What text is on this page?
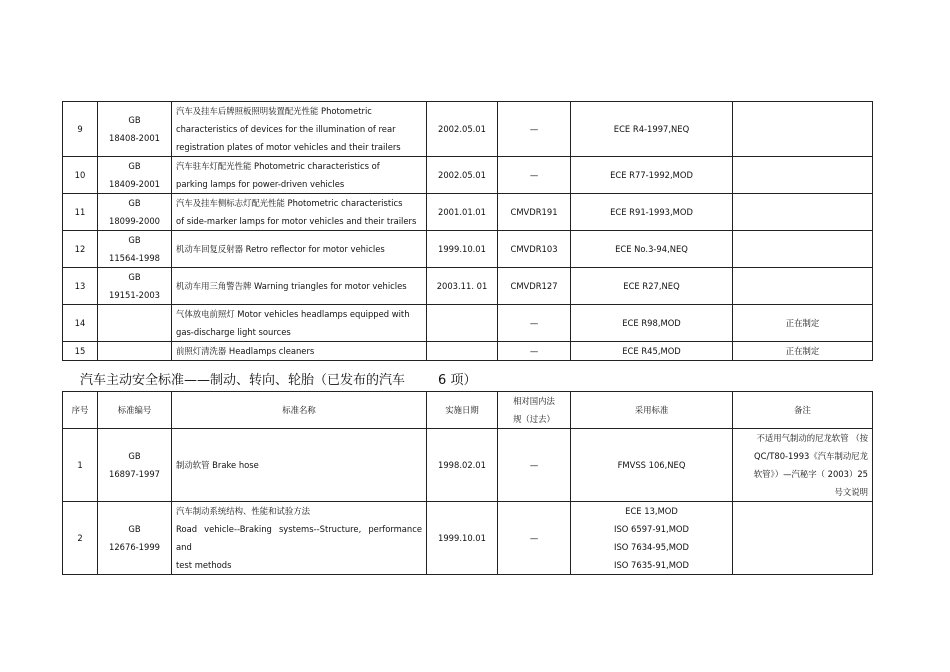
9	GB
18408-2001	汽车及挂车后牌照板照明装置配光性能 Photometric
characteristics of devices for the illumination of rear
registration plates of motor vehicles and their trailers	2002.05.01	—	ECE R4-1997,NEQ	

10	GB
18409-2001	汽车驻车灯配光性能 Photometric characteristics of
parking lamps for power-driven vehicles	2002.05.01	—	ECE R77-1992,MOD	

11	GB
18099-2000	汽车及挂车侧标志灯配光性能 Photometric characteristics
of side-marker lamps for motor vehicles and their trailers	2001.01.01	CMVDR191	ECE R91-1993,MOD	

12	GB
11564-1998	机动车回复反射器 Retro reflector for motor vehicles	1999.10.01	CMVDR103	ECE No.3-94,NEQ	

13	GB
19151-2003	机动车用三角警告牌 Warning triangles for motor vehicles	2003.11. 01	CMVDR127	ECE R27,NEQ	

14		气体放电前照灯 Motor vehicles headlamps equipped with
gas-discharge light sources		—	ECE R98,MOD	正在制定

15		前照灯清洗器 Headlamps cleaners		—	ECE R45,MOD	正在制定
汽车主动安全标准——制动、转向、轮胎（已发布的汽车        6 项）
序号	标准编号	标准名称	实施日期	相对国内法
规（过去）	采用标准	备注
1	GB
16897-1997	制动软管 Brake hose	1998.02.01	—	FMVSS 106,NEQ	不适用气制动的尼龙软管 （按
QC/T80-1993《汽车制动尼龙
软管》）—汽秘字（ 2003）25
号文说明

2	GB
12676-1999	汽车制动系统结构、性能和试验方法
Road vehicle--Braking systems--Structure, performance and
test methods	1999.10.01	—	ECE 13,MOD
ISO 6597-91,MOD
ISO 7634-95,MOD
ISO 7635-91,MOD	
